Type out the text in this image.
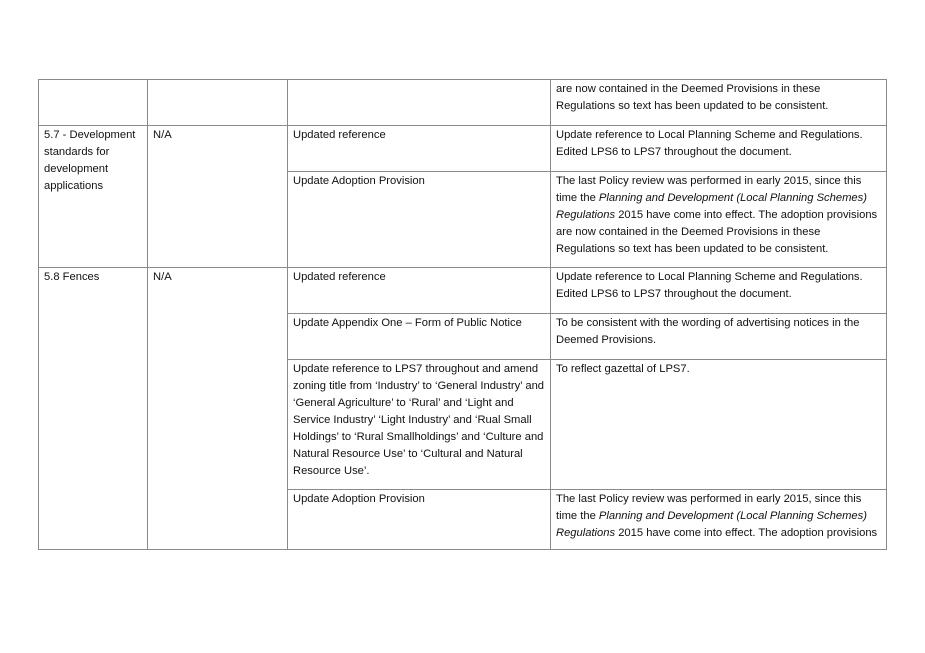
			are now contained in the Deemed Provisions in these Regulations so text has been updated to be consistent.
5.7 - Development standards for development applications	N/A	Updated reference	Update reference to Local Planning Scheme and Regulations. Edited LPS6 to LPS7 throughout the document.
		Update Adoption Provision	The last Policy review was performed in early 2015, since this time the Planning and Development (Local Planning Schemes) Regulations 2015 have come into effect. The adoption provisions are now contained in the Deemed Provisions in these Regulations so text has been updated to be consistent.
5.8 Fences	N/A	Updated reference	Update reference to Local Planning Scheme and Regulations. Edited LPS6 to LPS7 throughout the document.
		Update Appendix One – Form of Public Notice	To be consistent with the wording of advertising notices in the Deemed Provisions.
		Update reference to LPS7 throughout and amend zoning title from ‘Industry’ to ‘General Industry’ and ‘General Agriculture’ to ‘Rural’ and ‘Light and Service Industry’ ‘Light Industry’ and ‘Rual Small Holdings’ to ‘Rural Smallholdings’ and ‘Culture and Natural Resource Use’ to ‘Cultural and Natural Resource Use’.	To reflect gazettal of LPS7.
		Update Adoption Provision	The last Policy review was performed in early 2015, since this time the Planning and Development (Local Planning Schemes) Regulations 2015 have come into effect. The adoption provisions
